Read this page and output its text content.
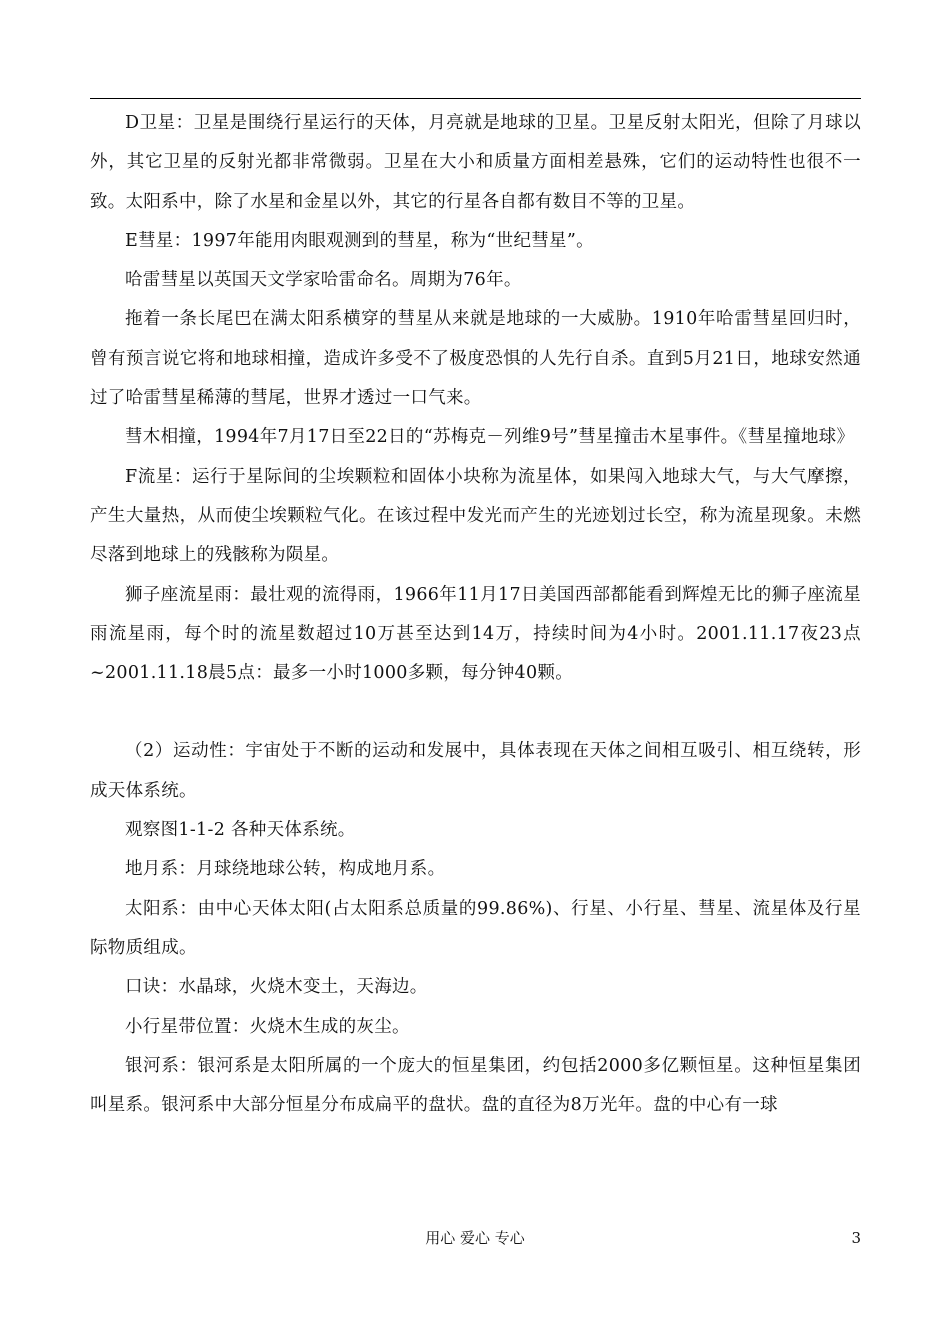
D卫星：卫星是围绕行星运行的天体，月亮就是地球的卫星。卫星反射太阳光，但除了月球以外，其它卫星的反射光都非常微弱。卫星在大小和质量方面相差悬殊，它们的运动特性也很不一致。太阳系中，除了水星和金星以外，其它的行星各自都有数目不等的卫星。

E彗星：1997年能用肉眼观测到的彗星，称为“世纪彗星”。

哈雷彗星以英国天文学家哈雷命名。周期为76年。

拖着一条长尾巴在满太阳系横穿的彗星从来就是地球的一大威胁。1910年哈雷彗星回归时，曾有预言说它将和地球相撞，造成许多受不了极度恐惧的人先行自杀。直到5月21日，地球安然通过了哈雷彗星稀薄的彗尾，世界才透过一口气来。

彗木相撞，1994年7月17日至22日的“苏梅克－列维9号”彗星撞击木星事件。《彗星撞地球》

F流星：运行于星际间的尘埃颗粒和固体小块称为流星体，如果闯入地球大气，与大气摩擦，产生大量热，从而使尘埃颗粒气化。在该过程中发光而产生的光迹划过长空，称为流星现象。未燃尽落到地球上的残骸称为陨星。

狮子座流星雨：最壮观的流得雨，1966年11月17日美国西部都能看到辉煌无比的狮子座流星雨流星雨，每个时的流星数超过10万甚至达到14万，持续时间为4小时。2001.11.17夜23点~2001.11.18晨5点：最多一小时1000多颗，每分钟40颗。

（2）运动性：宇宙处于不断的运动和发展中，具体表现在天体之间相互吸引、相互绕转，形成天体系统。

观察图1-1-2 各种天体系统。

地月系：月球绕地球公转，构成地月系。

太阳系：由中心天体太阳(占太阳系总质量的99.86%)、行星、小行星、彗星、流星体及行星际物质组成。

口诀：水晶球，火烧木变土，天海边。

小行星带位置：火烧木生成的灰尘。

银河系：银河系是太阳所属的一个庞大的恒星集团，约包括2000多亿颗恒星。这种恒星集团叫星系。银河系中大部分恒星分布成扁平的盘状。盘的直径为8万光年。盘的中心有一球

用心 爱心 专心	3
